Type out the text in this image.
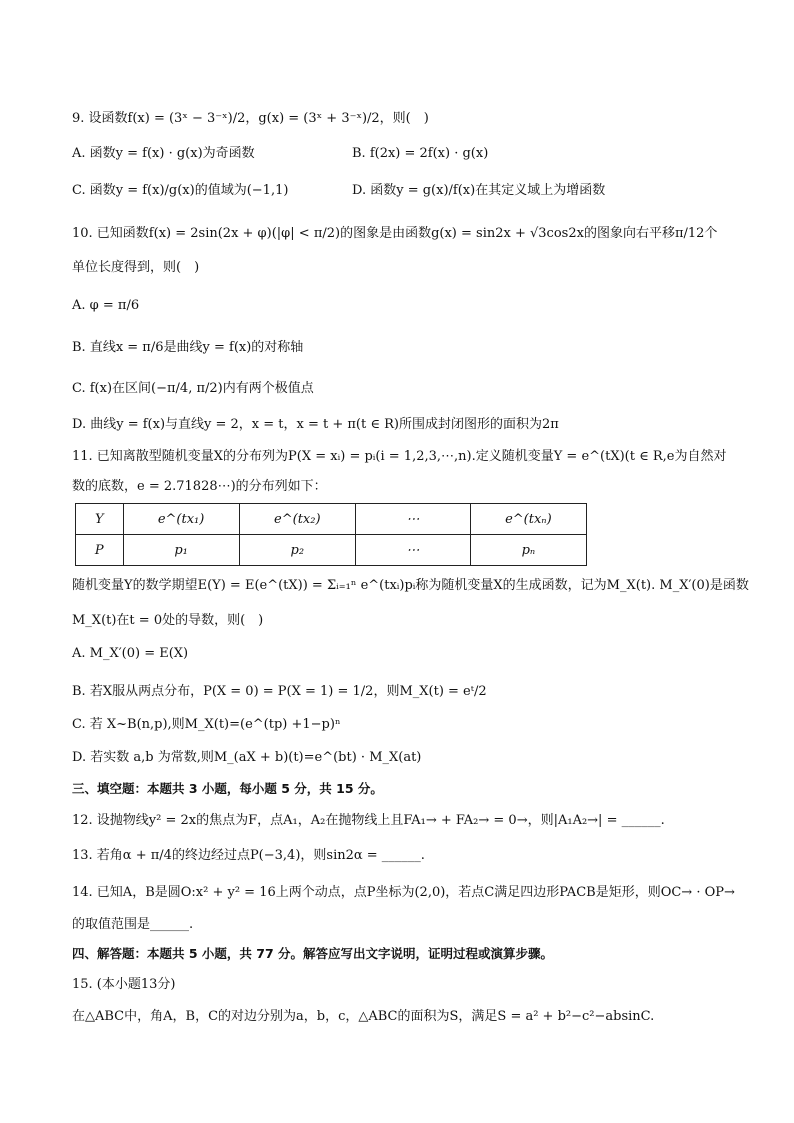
9. 设函数f(x) = (3ˣ − 3⁻ˣ)/2，g(x) = (3ˣ + 3⁻ˣ)/2，则(　)
A. 函数y = f(x) · g(x)为奇函数	B. f(2x) = 2f(x) · g(x)
C. 函数y = f(x)/g(x)的值域为(−1,1)	D. 函数y = g(x)/f(x)在其定义域上为增函数
10. 已知函数f(x) = 2sin(2x + φ)(|φ| < π/2)的图象是由函数g(x) = sin2x + √3cos2x的图象向右平移π/12个
单位长度得到，则(　)
A. φ = π/6
B. 直线x = π/6是曲线y = f(x)的对称轴
C. f(x)在区间(−π/4, π/2)内有两个极值点
D. 曲线y = f(x)与直线y = 2，x = t，x = t + π(t ∈ R)所围成封闭图形的面积为2π
11. 已知离散型随机变量X的分布列为P(X = xᵢ) = pᵢ(i = 1,2,3,⋯,n).定义随机变量Y = e^(tX)(t ∈ R,e为自然对
数的底数，e = 2.71828⋯)的分布列如下：
Y	e^(tx₁)	e^(tx₂)	⋯	e^(txₙ)
P	p₁	p₂	⋯	pₙ
随机变量Y的数学期望E(Y) = E(e^(tX)) = Σᵢ₌₁ⁿ e^(txᵢ)pᵢ称为随机变量X的生成函数，记为M_X(t). M_X′(0)是函数
M_X(t)在t = 0处的导数，则(　)
A. M_X′(0) = E(X)
B. 若X服从两点分布，P(X = 0) = P(X = 1) = 1/2，则M_X(t) = eᵗ/2
C. 若 X~B(n,p),则M_X(t)=(e^(tp) +1−p)ⁿ
D. 若实数 a,b 为常数,则M_(aX + b)(t)=e^(bt) · M_X(at)
三、填空题：本题共 3 小题，每小题 5 分，共 15 分。
12. 设抛物线y² = 2x的焦点为F，点A₁，A₂在抛物线上且FA₁→ + FA₂→ = 0→，则|A₁A₂→| = ______.
13. 若角α + π/4的终边经过点P(−3,4)，则sin2α = ______.
14. 已知A，B是圆O:x² + y² = 16上两个动点，点P坐标为(2,0)，若点C满足四边形PACB是矩形，则OC→ · OP→
的取值范围是______.
四、解答题：本题共 5 小题，共 77 分。解答应写出文字说明，证明过程或演算步骤。
15. (本小题13分)
在△ABC中，角A，B，C的对边分别为a，b，c，△ABC的面积为S，满足S = a² + b²−c²−absinC.
